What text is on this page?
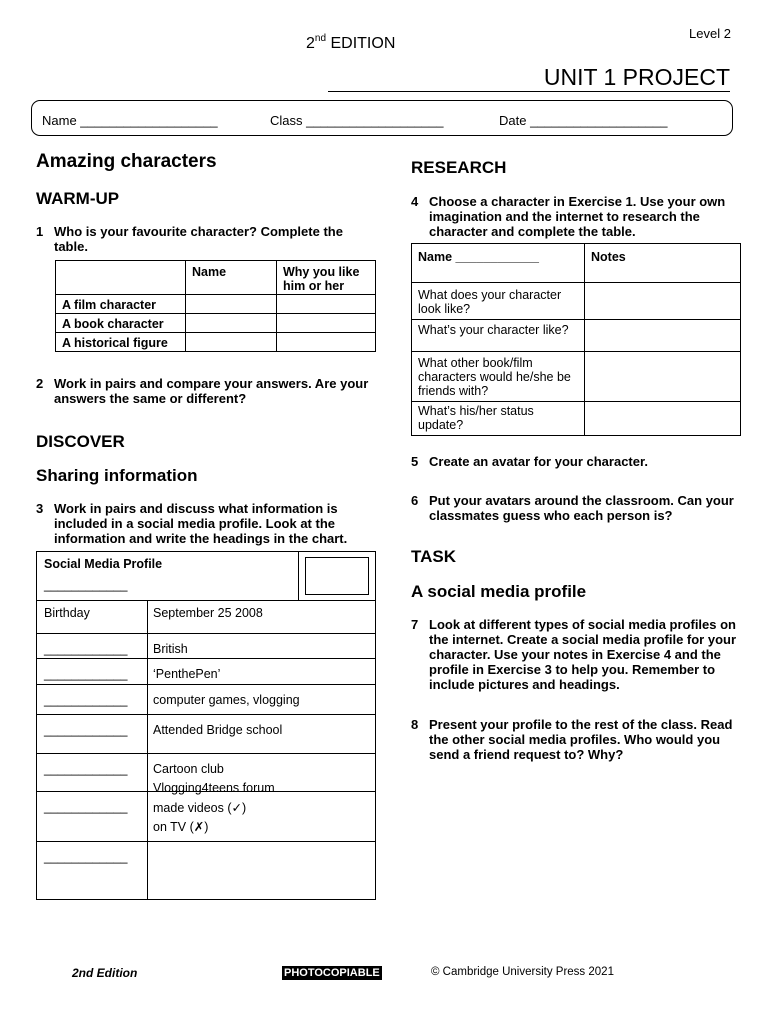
2nd EDITION
Level 2
UNIT 1 PROJECT
Name ___________________	Class ___________________	Date ___________________
Amazing characters
WARM-UP
1 Who is your favourite character? Complete the table.

	Name	Why you like him or her

A film character		

A book character		

A historical figure		

2 Work in pairs and compare your answers. Are your answers the same or different?
DISCOVER
Sharing information
3 Work in pairs and discuss what information is included in a social media profile. Look at the information and write the headings in the chart.
Social Media Profile
____________
Birthday	September 25 2008
____________ British
____________ ‘PenthePen’
____________ computer games, vlogging
____________ Attended Bridge school
____________ Cartoon club
Vlogging4teens forum
____________ made videos (✓)
on TV (✗)
____________
RESEARCH
4 Choose a character in Exercise 1. Use your own imagination and the internet to research the character and complete the table.
Name ____________	Notes

What does your character look like?	

What’s your character like?	

What other book/film characters would he/she be friends with?	

What’s his/her status update?	

5 Create an avatar for your character.
6 Put your avatars around the classroom. Can your classmates guess who each person is?
TASK
A social media profile
7 Look at different types of social media profiles on the internet. Create a social media profile for your character. Use your notes in Exercise 4 and the profile in Exercise 3 to help you. Remember to include pictures and headings.
8 Present your profile to the rest of the class. Read the other social media profiles. Who would you send a friend request to? Why?
2nd Edition	PHOTOCOPIABLE	© Cambridge University Press 2021
